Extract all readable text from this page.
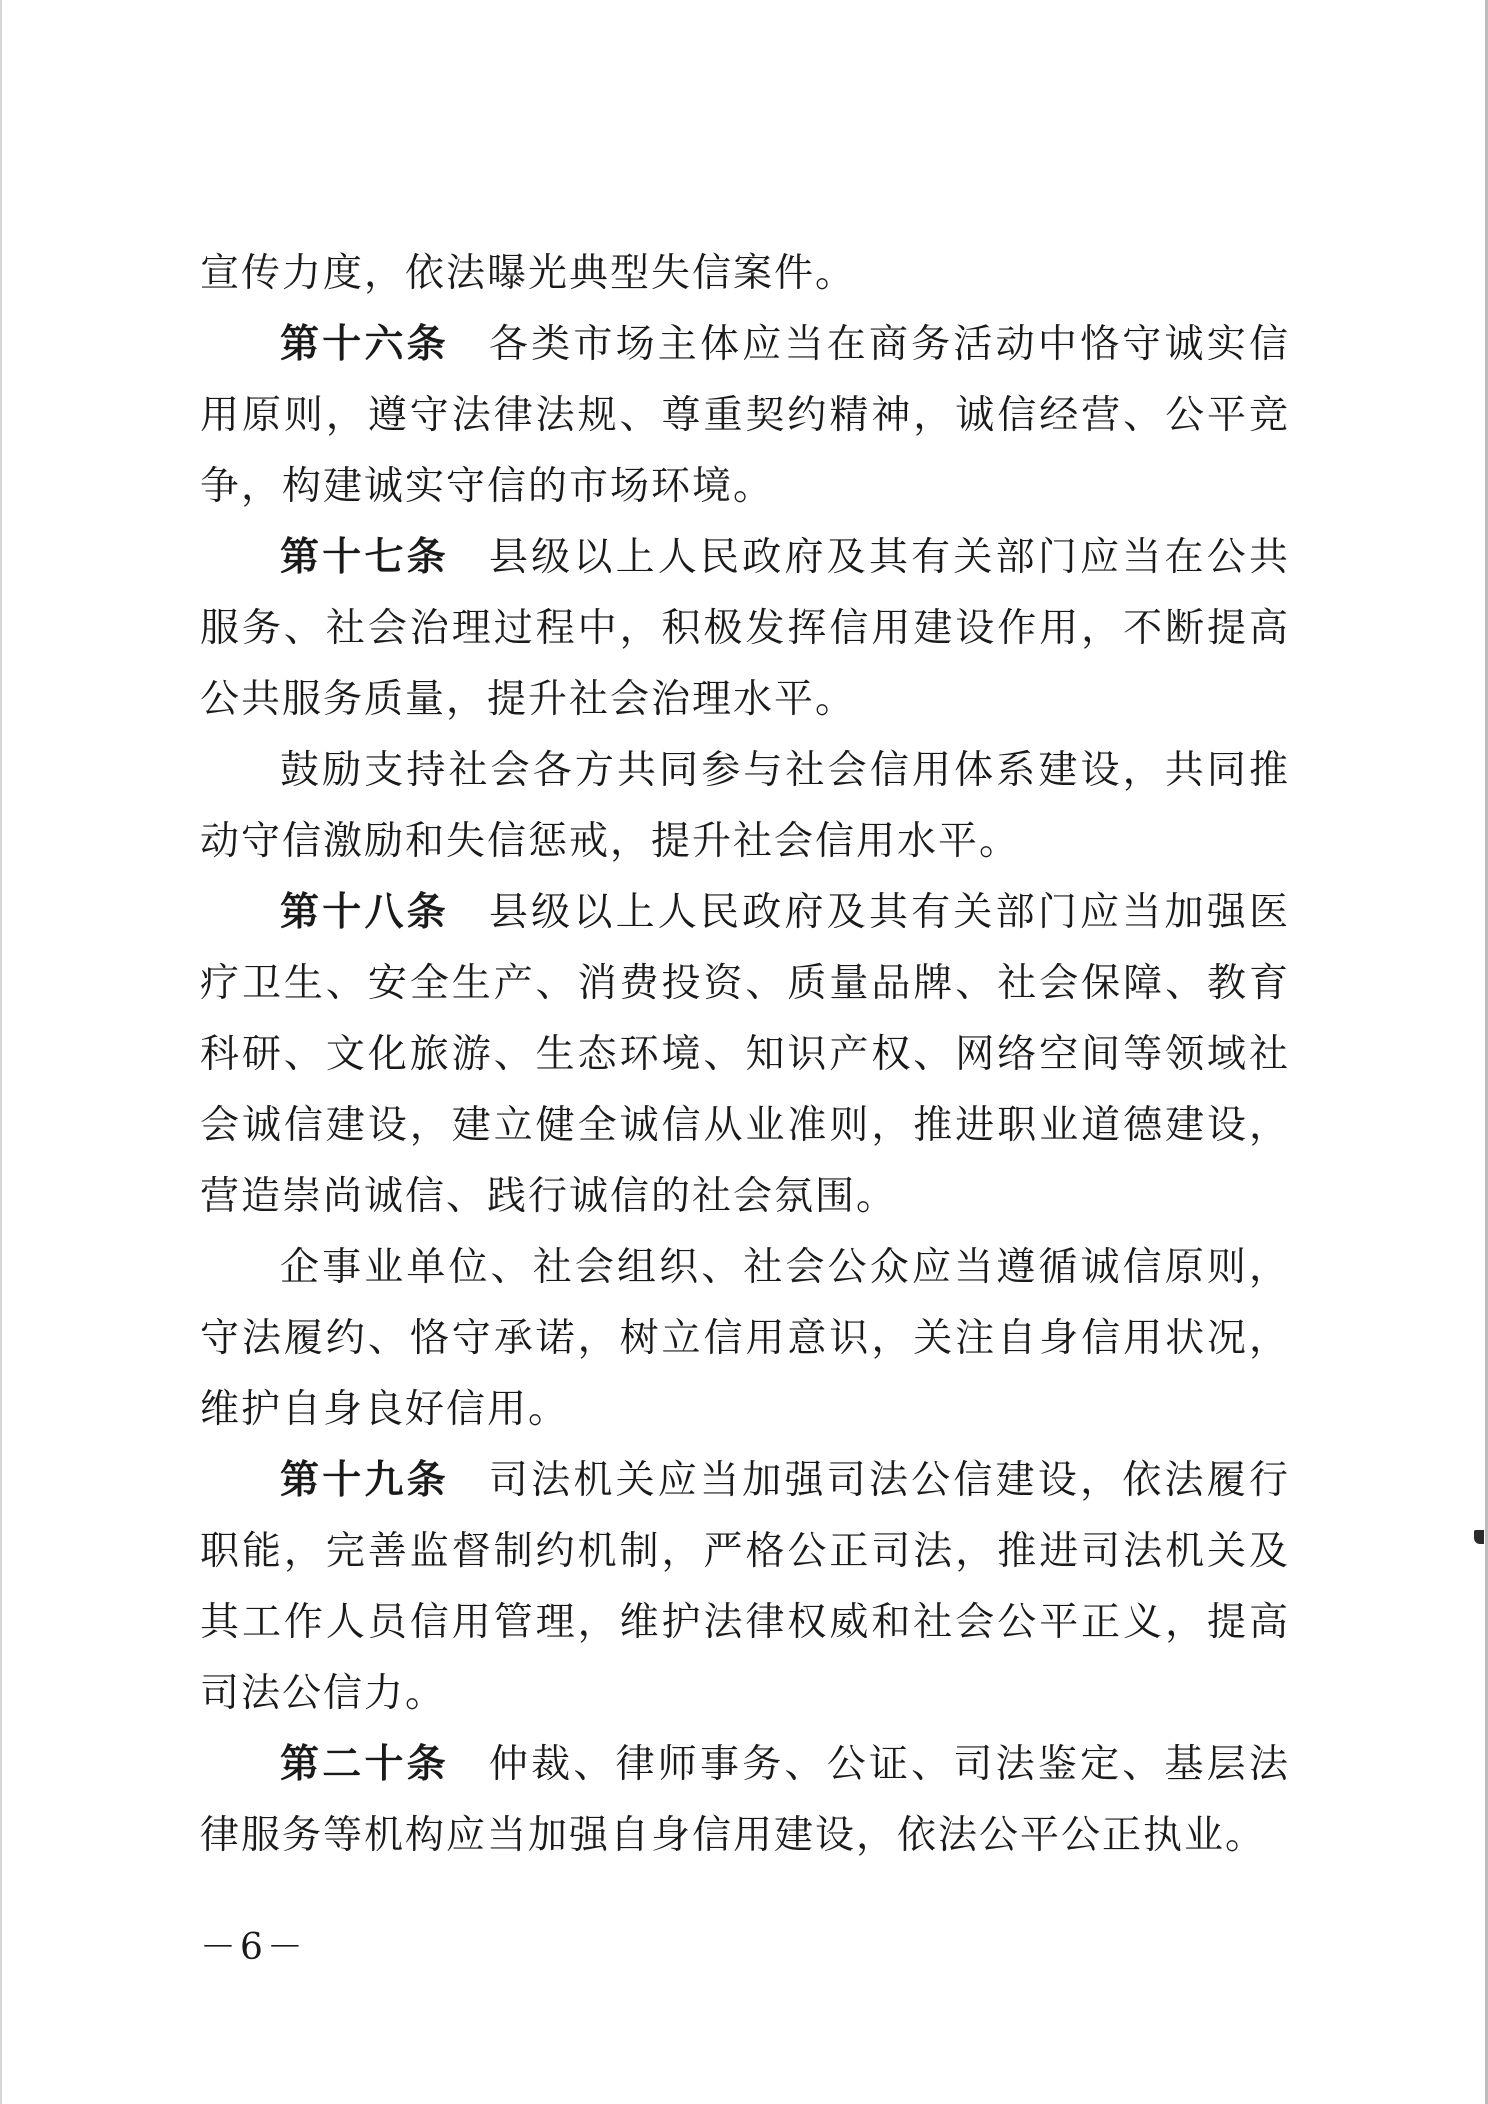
宣传力度，依法曝光典型失信案件。

第十六条 各类市场主体应当在商务活动中恪守诚实信用原则，遵守法律法规、尊重契约精神，诚信经营、公平竞争，构建诚实守信的市场环境。

第十七条 县级以上人民政府及其有关部门应当在公共服务、社会治理过程中，积极发挥信用建设作用，不断提高公共服务质量，提升社会治理水平。

鼓励支持社会各方共同参与社会信用体系建设，共同推动守信激励和失信惩戒，提升社会信用水平。

第十八条 县级以上人民政府及其有关部门应当加强医疗卫生、安全生产、消费投资、质量品牌、社会保障、教育科研、文化旅游、生态环境、知识产权、网络空间等领域社会诚信建设，建立健全诚信从业准则，推进职业道德建设，营造崇尚诚信、践行诚信的社会氛围。

企事业单位、社会组织、社会公众应当遵循诚信原则，守法履约、恪守承诺，树立信用意识，关注自身信用状况，维护自身良好信用。

第十九条 司法机关应当加强司法公信建设，依法履行职能，完善监督制约机制，严格公正司法，推进司法机关及其工作人员信用管理，维护法律权威和社会公平正义，提高司法公信力。

第二十条 仲裁、律师事务、公证、司法鉴定、基层法律服务等机构应当加强自身信用建设，依法公平公正执业。

－6－
